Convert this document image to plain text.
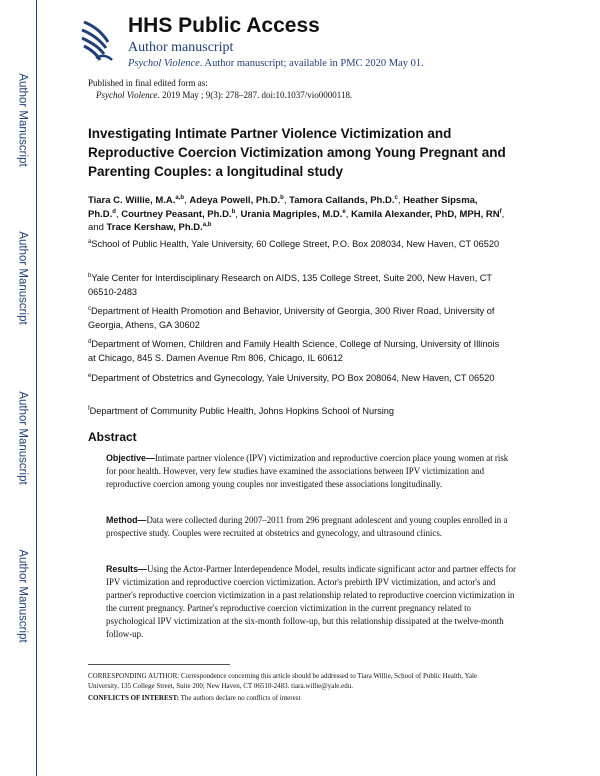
Author Manuscript
Author Manuscript
Author Manuscript
Author Manuscript
HHS Public Access
Author manuscript
Psychol Violence. Author manuscript; available in PMC 2020 May 01.
Published in final edited form as:
Psychol Violence. 2019 May ; 9(3): 278–287. doi:10.1037/vio0000118.
Investigating Intimate Partner Violence Victimization and Reproductive Coercion Victimization among Young Pregnant and Parenting Couples: a longitudinal study
Tiara C. Willie, M.A.$^{a,b}$, Adeya Powell, Ph.D.$^b$, Tamora Callands, Ph.D.$^c$, Heather Sipsma, Ph.D.$^d$, Courtney Peasant, Ph.D.$^b$, Urania Magriples, M.D.$^e$, Kamila Alexander, PhD, MPH, $RN^f$, and Trace Kershaw, Ph.D.$^{a,b}$
$^a$School of Public Health, Yale University, 60 College Street, P.O. Box 208034, New Haven, CT 06520
$^b$Yale Center for Interdisciplinary Research on AIDS, 135 College Street, Suite 200, New Haven, CT 06510-2483
$^c$Department of Health Promotion and Behavior, University of Georgia, 300 River Road, University of Georgia, Athens, GA 30602
$^d$Department of Women, Children and Family Health Science, College of Nursing, University of Illinois at Chicago, 845 S. Damen Avenue Rm 806, Chicago, IL 60612
$^e$Department of Obstetrics and Gynecology, Yale University, PO Box 208064, New Haven, CT 06520
$^f$Department of Community Public Health, Johns Hopkins School of Nursing
Abstract
Objective—Intimate partner violence (IPV) victimization and reproductive coercion place young women at risk for poor health. However, very few studies have examined the associations between IPV victimization and reproductive coercion among young couples nor investigated these associations longitudinally.
Method—Data were collected during 2007–2011 from 296 pregnant adolescent and young couples enrolled in a prospective study. Couples were recruited at obstetrics and gynecology, and ultrasound clinics.
Results—Using the Actor-Partner Interdependence Model, results indicate significant actor and partner effects for IPV victimization and reproductive coercion victimization. Actor's prebirth IPV victimization, and actor's and partner's reproductive coercion victimization in a past relationship related to reproductive coercion victimization in the current pregnancy. Partner's reproductive coercion victimization in the current pregnancy related to psychological IPV victimization at the six-month follow-up, but this relationship dissipated at the twelve-month follow-up.
CORRESPONDING AUTHOR: Correspondence concerning this article should be addressed to Tiara Willie, School of Public Health, Yale University, 135 College Street, Suite 200; New Haven, CT 06510-2483. tiara.willie@yale.edu.
CONFLICTS OF INTEREST: The authors declare no conflicts of interest
